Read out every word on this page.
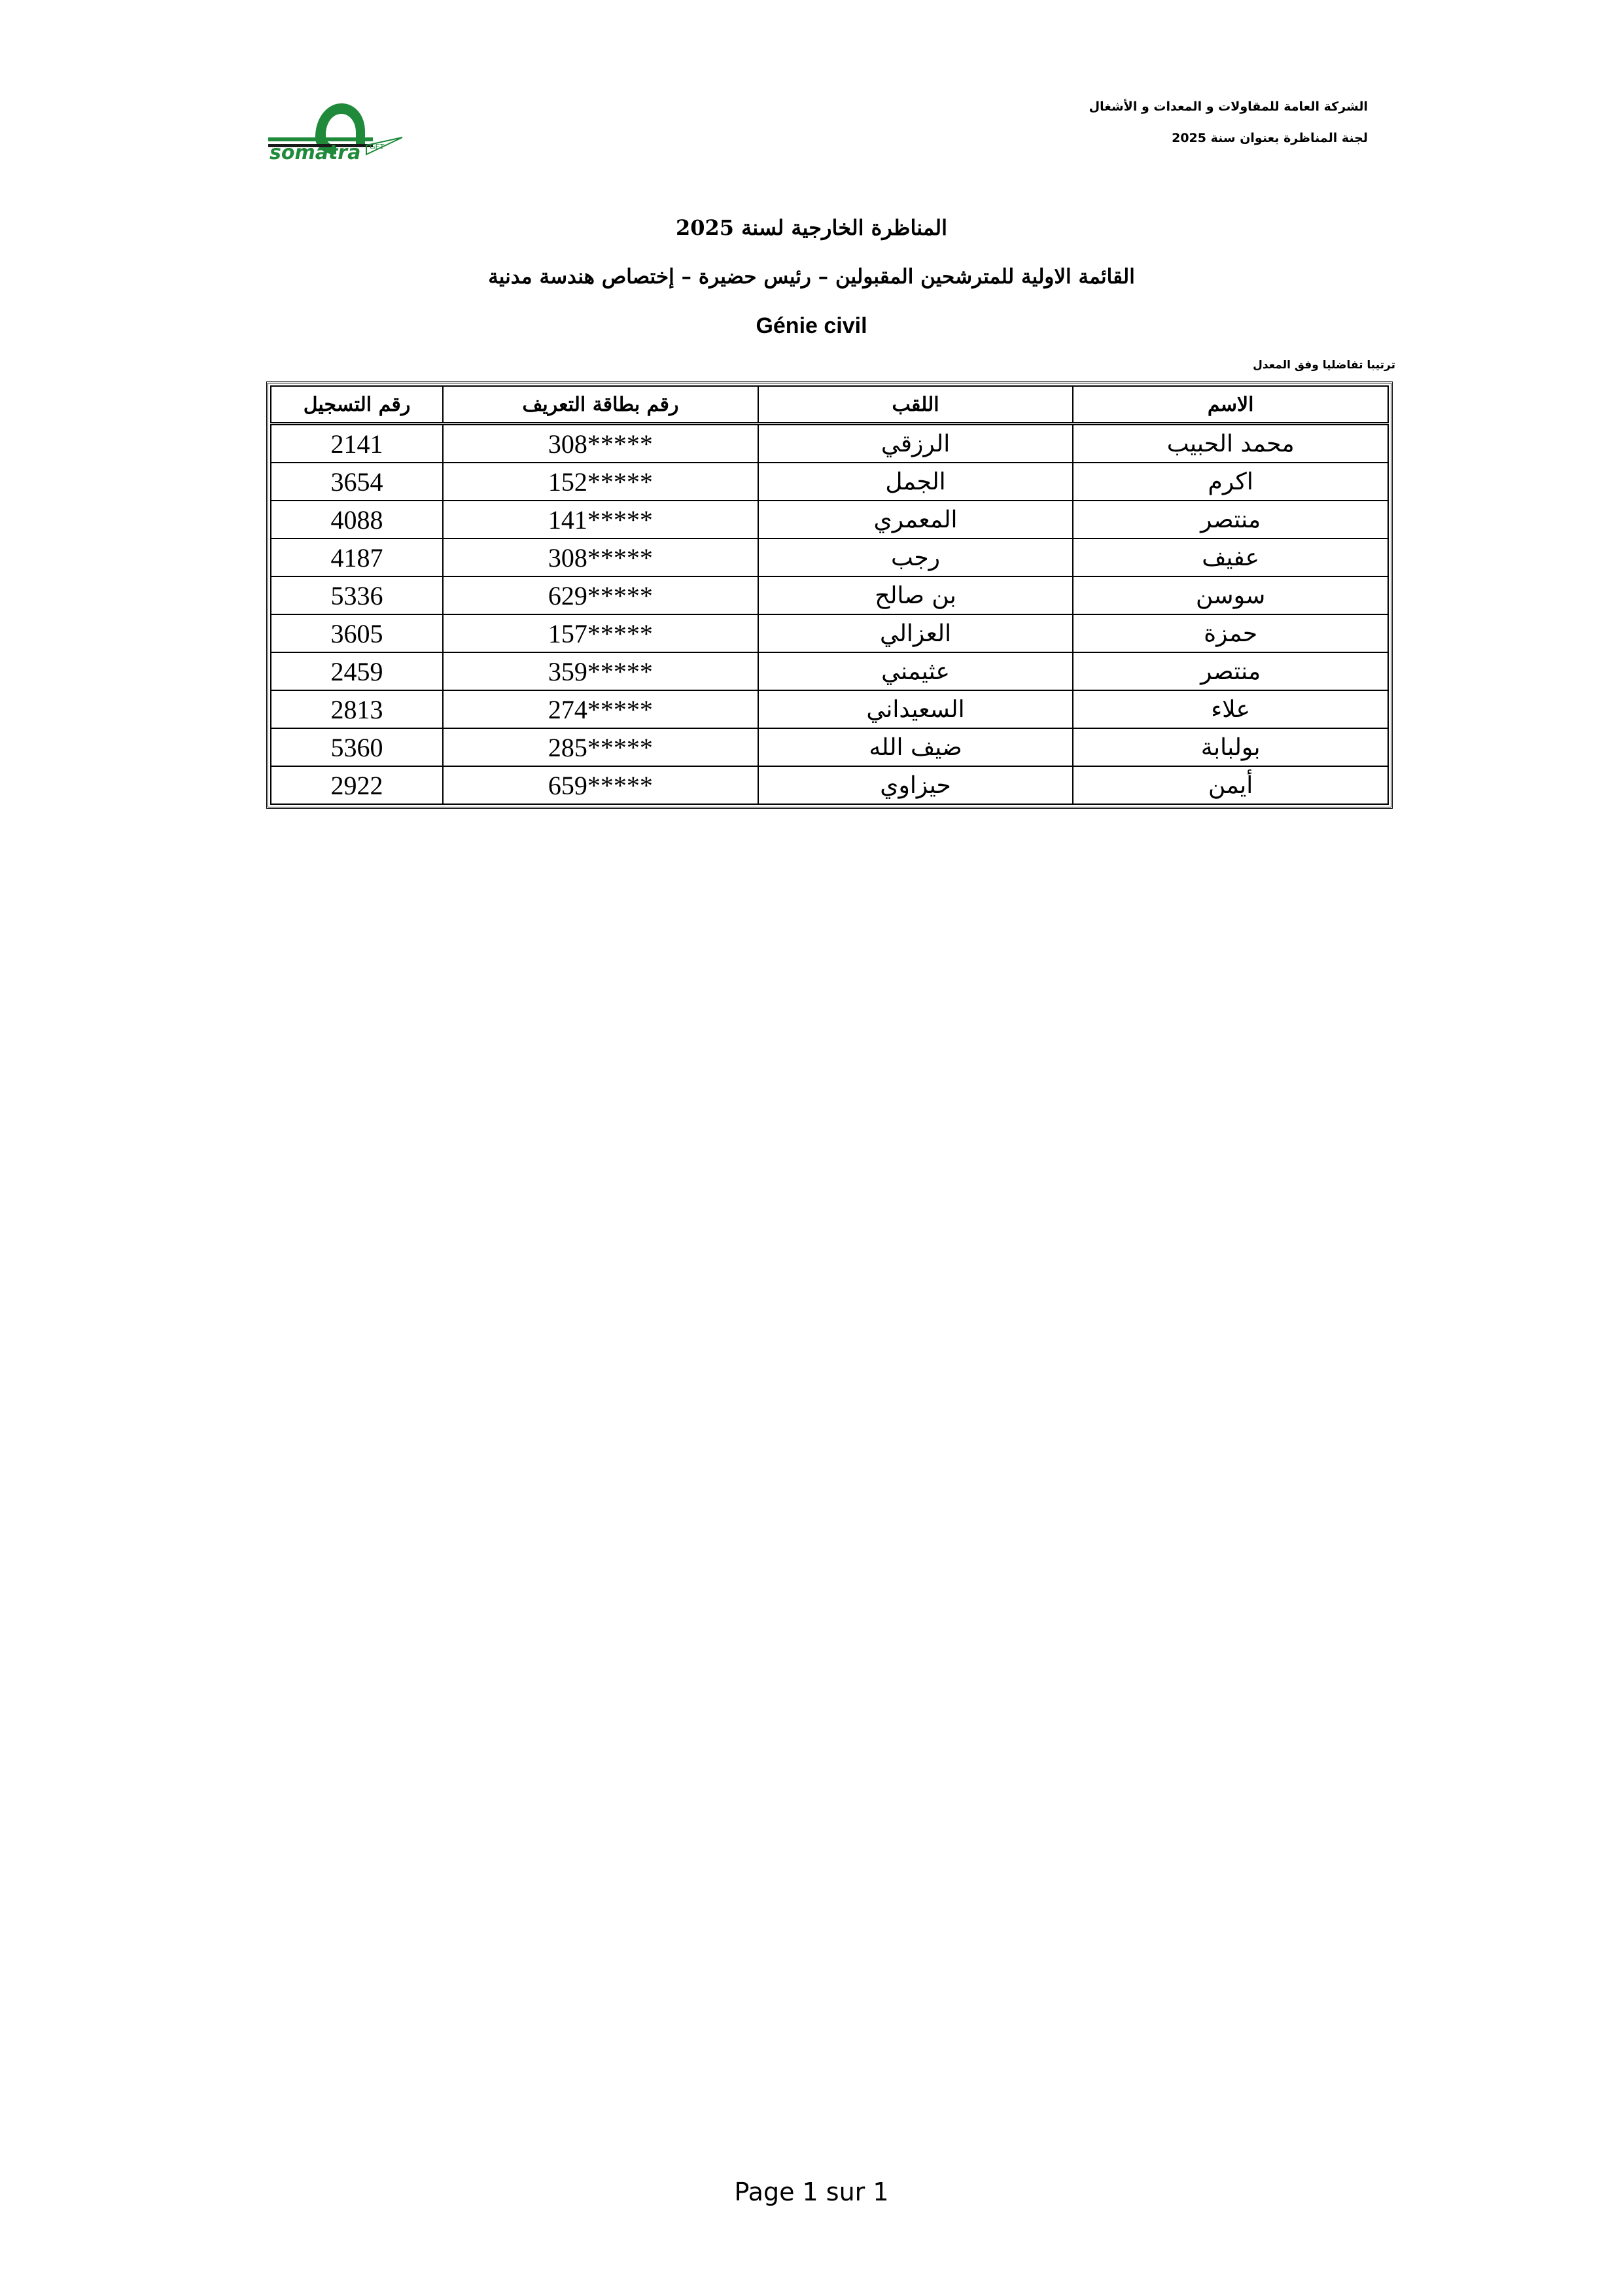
الشركة العامة للمقاولات و المعدات و الأشغال
لجنة المناظرة بعنوان سنة 2025
somatra GET
المناظرة الخارجية لسنة 2025
القائمة الاولية للمترشحين المقبولين – رئيس حضيرة – إختصاص هندسة مدنية
Génie civil
ترتيبا تفاضليا وفق المعدل
الاسم	اللقب	رقم بطاقة التعريف	رقم التسجيل
محمد الحبيب	الرزقي	*****308	2141
اكرم	الجمل	*****152	3654
منتصر	المعمري	*****141	4088
عفيف	رجب	*****308	4187
سوسن	بن صالح	*****629	5336
حمزة	العزالي	*****157	3605
منتصر	عثيمني	*****359	2459
علاء	السعيداني	*****274	2813
بولبابة	ضيف الله	*****285	5360
أيمن	حيزاوي	*****659	2922
Page 1 sur 1
